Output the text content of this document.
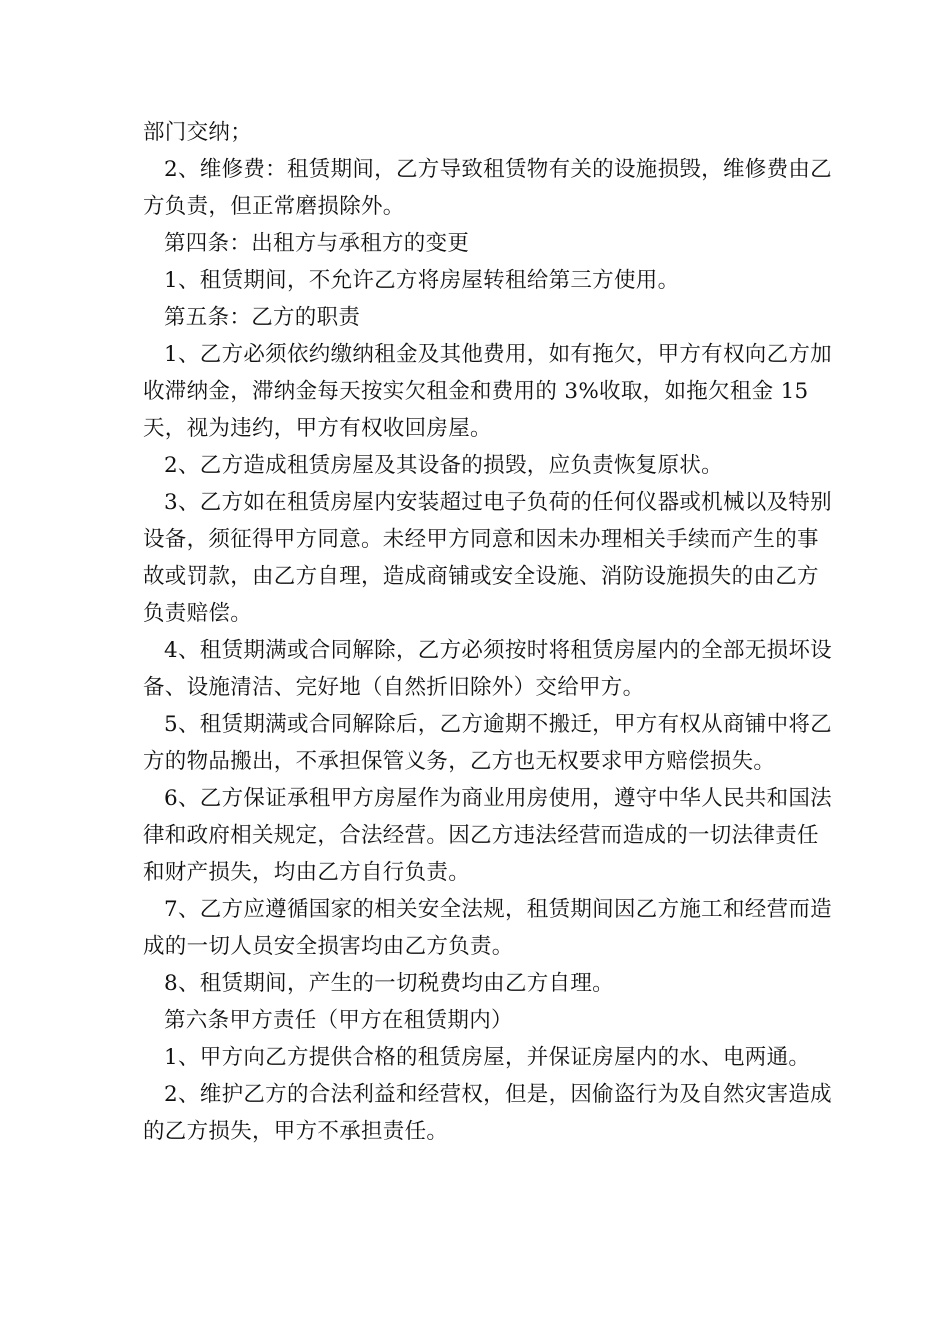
部门交纳；

2、维修费：租赁期间，乙方导致租赁物有关的设施损毁，维修费由乙方负责，但正常磨损除外。

第四条：出租方与承租方的变更

1、租赁期间，不允许乙方将房屋转租给第三方使用。

第五条：乙方的职责

1、乙方必须依约缴纳租金及其他费用，如有拖欠，甲方有权向乙方加收滞纳金，滞纳金每天按实欠租金和费用的 3%收取，如拖欠租金 15 天，视为违约，甲方有权收回房屋。

2、乙方造成租赁房屋及其设备的损毁，应负责恢复原状。

3、乙方如在租赁房屋内安装超过电子负荷的任何仪器或机械以及特别设备，须征得甲方同意。未经甲方同意和因未办理相关手续而产生的事故或罚款，由乙方自理，造成商铺或安全设施、消防设施损失的由乙方负责赔偿。

4、租赁期满或合同解除，乙方必须按时将租赁房屋内的全部无损坏设备、设施清洁、完好地（自然折旧除外）交给甲方。

5、租赁期满或合同解除后，乙方逾期不搬迁，甲方有权从商铺中将乙方的物品搬出，不承担保管义务，乙方也无权要求甲方赔偿损失。

6、乙方保证承租甲方房屋作为商业用房使用，遵守中华人民共和国法律和政府相关规定，合法经营。因乙方违法经营而造成的一切法律责任和财产损失，均由乙方自行负责。

7、乙方应遵循国家的相关安全法规，租赁期间因乙方施工和经营而造成的一切人员安全损害均由乙方负责。

8、租赁期间，产生的一切税费均由乙方自理。

第六条甲方责任（甲方在租赁期内）

1、甲方向乙方提供合格的租赁房屋，并保证房屋内的水、电两通。

2、维护乙方的合法利益和经营权，但是，因偷盗行为及自然灾害造成的乙方损失，甲方不承担责任。
